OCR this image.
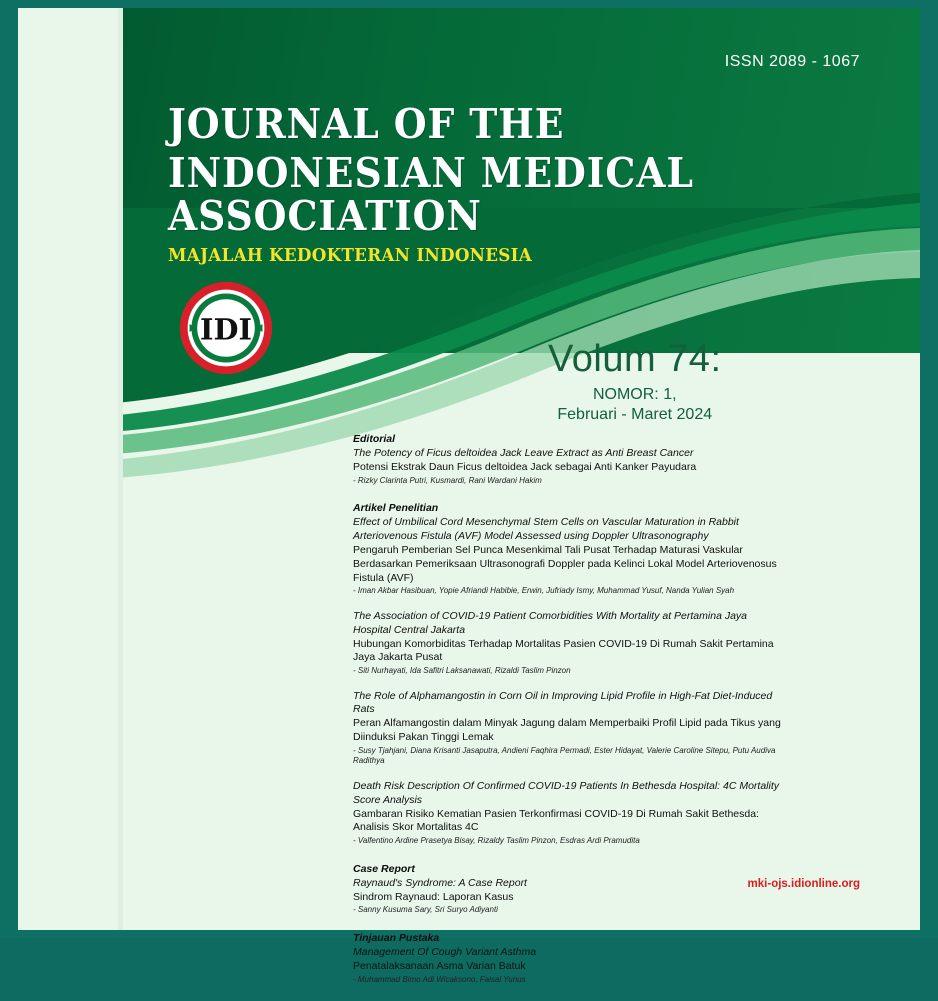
ISSN 2089 - 1067
JOURNAL OF THE
INDONESIAN MEDICAL ASSOCIATION
MAJALAH KEDOKTERAN INDONESIA
IDI
Volum 74:
NOMOR: 1,
Februari - Maret 2024
Editorial
The Potency of Ficus deltoidea Jack Leave Extract as Anti Breast Cancer
Potensi Ekstrak Daun Ficus deltoidea Jack sebagai Anti Kanker Payudara
- Rizky Clarinta Putri, Kusmardi, Rani Wardani Hakim
Artikel Penelitian
Effect of Umbilical Cord Mesenchymal Stem Cells on Vascular Maturation in Rabbit Arteriovenous Fistula (AVF) Model Assessed using Doppler Ultrasonography
Pengaruh Pemberian Sel Punca Mesenkimal Tali Pusat Terhadap Maturasi Vaskular Berdasarkan Pemeriksaan Ultrasonografi Doppler pada Kelinci Lokal Model Arteriovenosus Fistula (AVF)
- Iman Akbar Hasibuan, Yopie Afriandi Habibie, Erwin, Jufriady Ismy, Muhammad Yusuf, Nanda Yulian Syah
The Association of COVID-19 Patient Comorbidities With Mortality at Pertamina Jaya Hospital Central Jakarta
Hubungan Komorbiditas Terhadap Mortalitas Pasien COVID-19 Di Rumah Sakit Pertamina Jaya Jakarta Pusat
- Siti Nurhayati, Ida Safitri Laksanawati, Rizaldi Taslim Pinzon
The Role of Alphamangostin in Corn Oil in Improving Lipid Profile in High-Fat Diet-Induced Rats
Peran Alfamangostin dalam Minyak Jagung dalam Memperbaiki Profil Lipid pada Tikus yang Diinduksi Pakan Tinggi Lemak
- Susy Tjahjani, Diana Krisanti Jasaputra, Andieni Faqhira Permadi, Ester Hidayat, Valerie Caroline Sitepu, Putu Audiva Radithya
Death Risk Description Of Confirmed COVID-19 Patients In Bethesda Hospital: 4C Mortality Score Analysis
Gambaran Risiko Kematian Pasien Terkonfirmasi COVID-19 Di Rumah Sakit Bethesda: Analisis Skor Mortalitas 4C
- Valfentino Ardine Prasetya Bisay, Rizaldy Taslim Pinzon, Esdras Ardi Pramudita
Case Report
Raynaud's Syndrome: A Case Report
Sindrom Raynaud: Laporan Kasus
- Sanny Kusuma Sary, Sri Suryo Adiyanti
Tinjauan Pustaka
Management Of Cough Variant Asthma
Penatalaksanaan Asma Varian Batuk
- Muhammad Bimo Adi Wicaksono, Faisal Yunus
mki-ojs.idionline.org
